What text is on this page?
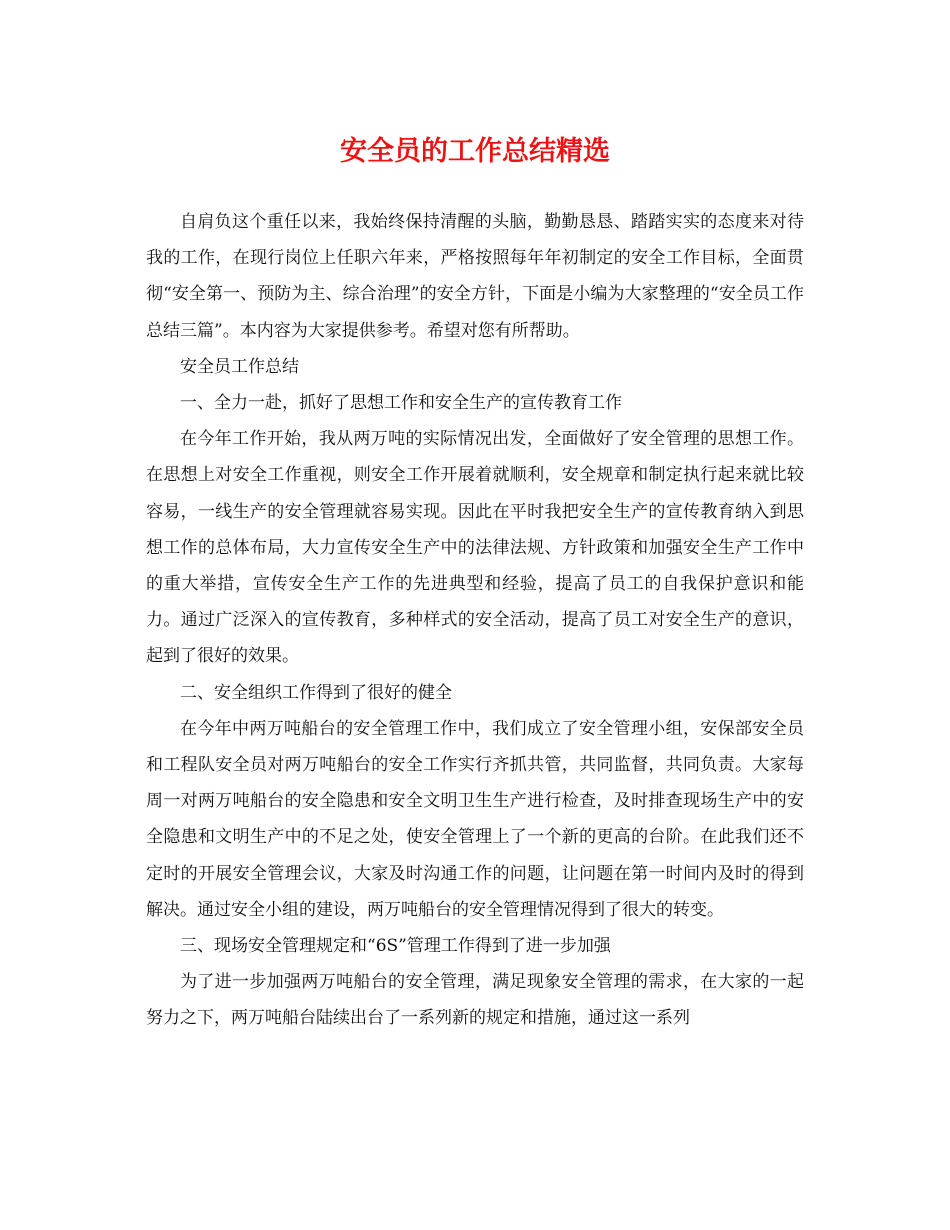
安全员的工作总结精选

自肩负这个重任以来，我始终保持清醒的头脑，勤勤恳恳、踏踏实实的态度来对待我的工作，在现行岗位上任职六年来，严格按照每年年初制定的安全工作目标，全面贯彻“安全第一、预防为主、综合治理”的安全方针，下面是小编为大家整理的“安全员工作总结三篇”。本内容为大家提供参考。希望对您有所帮助。

安全员工作总结

一、全力一赴，抓好了思想工作和安全生产的宣传教育工作

在今年工作开始，我从两万吨的实际情况出发，全面做好了安全管理的思想工作。在思想上对安全工作重视，则安全工作开展着就顺利，安全规章和制定执行起来就比较容易，一线生产的安全管理就容易实现。因此在平时我把安全生产的宣传教育纳入到思想工作的总体布局，大力宣传安全生产中的法律法规、方针政策和加强安全生产工作中的重大举措，宣传安全生产工作的先进典型和经验，提高了员工的自我保护意识和能力。通过广泛深入的宣传教育，多种样式的安全活动，提高了员工对安全生产的意识，起到了很好的效果。

二、安全组织工作得到了很好的健全

在今年中两万吨船台的安全管理工作中，我们成立了安全管理小组，安保部安全员和工程队安全员对两万吨船台的安全工作实行齐抓共管，共同监督，共同负责。大家每周一对两万吨船台的安全隐患和安全文明卫生生产进行检查，及时排查现场生产中的安全隐患和文明生产中的不足之处，使安全管理上了一个新的更高的台阶。在此我们还不定时的开展安全管理会议，大家及时沟通工作的问题，让问题在第一时间内及时的得到解决。通过安全小组的建设，两万吨船台的安全管理情况得到了很大的转变。

三、现场安全管理规定和“6S”管理工作得到了进一步加强

为了进一步加强两万吨船台的安全管理，满足现象安全管理的需求，在大家的一起努力之下，两万吨船台陆续出台了一系列新的规定和措施，通过这一系列
